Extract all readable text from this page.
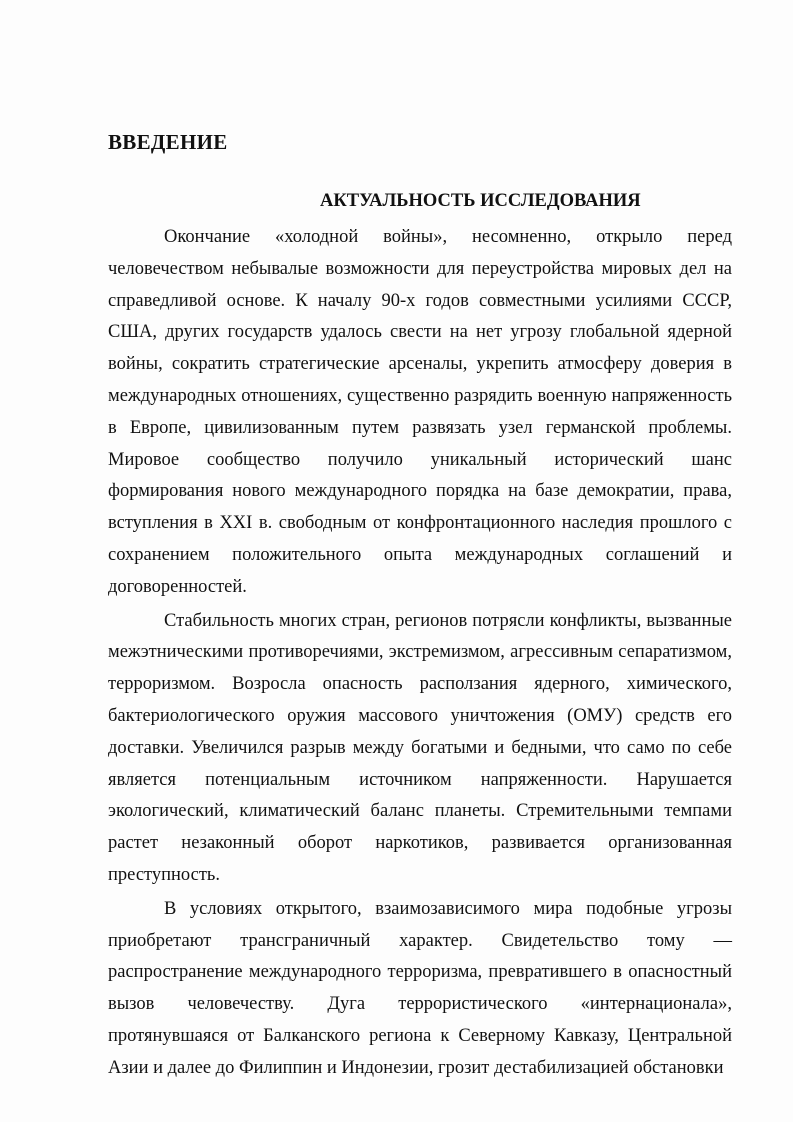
ВВЕДЕНИЕ
АКТУАЛЬНОСТЬ ИССЛЕДОВАНИЯ

Окончание «холодной войны», несомненно, открыло перед человечеством небывалые возможности для переустройства мировых дел на справедливой основе. К началу 90-х годов совместными усилиями СССР, США, других государств удалось свести на нет угрозу глобальной ядерной войны, сократить стратегические арсеналы, укрепить атмосферу доверия в международных отношениях, существенно разрядить военную напряженность в Европе, цивилизованным путем развязать узел германской проблемы. Мировое сообщество получило уникальный исторический шанс формирования нового международного порядка на базе демократии, права, вступления в XXI в. свободным от конфронтационного наследия прошлого с сохранением положительного опыта международных соглашений и договоренностей.

Стабильность многих стран, регионов потрясли конфликты, вызванные межэтническими противоречиями, экстремизмом, агрессивным сепаратизмом, терроризмом. Возросла опасность расползания ядерного, химического, бактериологического оружия массового уничтожения (ОМУ) средств его доставки. Увеличился разрыв между богатыми и бедными, что само по себе является потенциальным источником напряженности. Нарушается экологический, климатический баланс планеты. Стремительными темпами растет незаконный оборот наркотиков, развивается организованная преступность.

В условиях открытого, взаимозависимого мира подобные угрозы приобретают трансграничный характер. Свидетельство тому — распространение международного терроризма, превратившего в опасностный вызов человечеству. Дуга террористического «интернационала», протянувшаяся от Балканского региона к Северному Кавказу, Центральной Азии и далее до Филиппин и Индонезии, грозит дестабилизацией обстановки
